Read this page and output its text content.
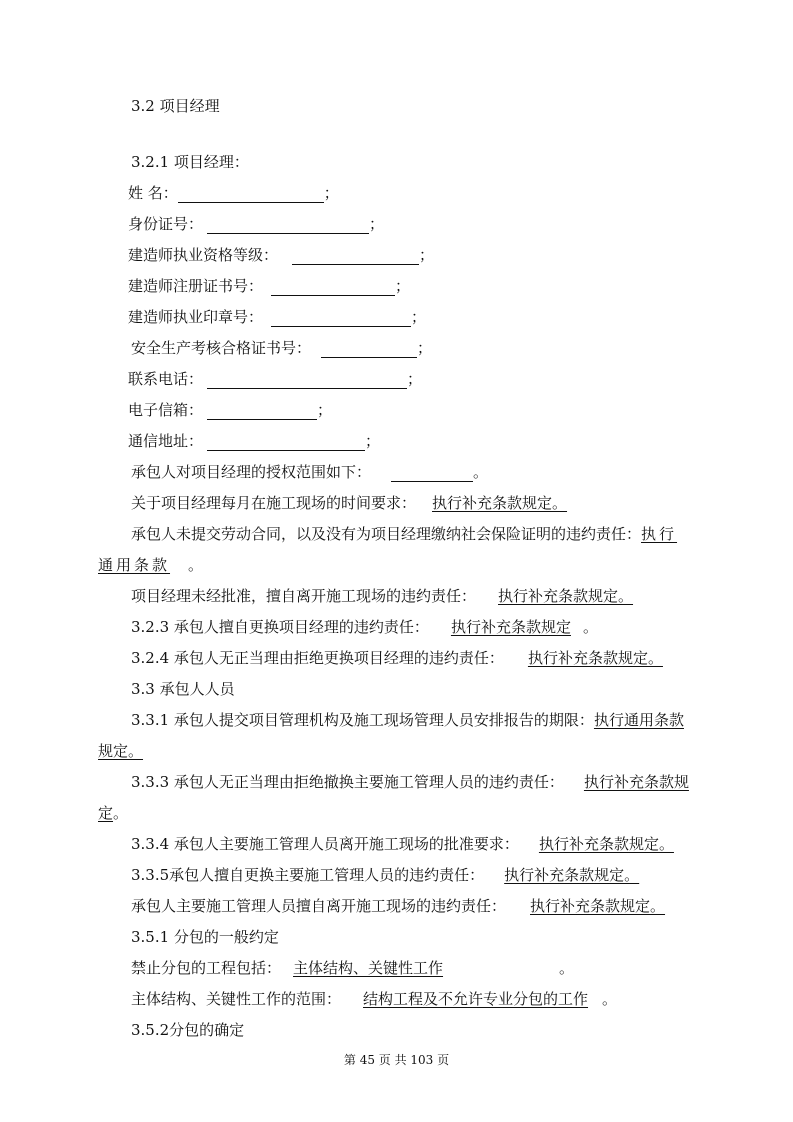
3.2 项目经理
3.2.1 项目经理：
姓 名：	；
身份证号：	；
建造师执业资格等级：	；
建造师注册证书号：	；
建造师执业印章号：	；
安全生产考核合格证书号：	；
联系电话：	；
电子信箱：	；
通信地址：	；
承包人对项目经理的授权范围如下：	。
关于项目经理每月在施工现场的时间要求： 执行补充条款规定。
承包人未提交劳动合同，以及没有为项目经理缴纳社会保险证明的违约责任：执行
通用条款 。
项目经理未经批准，擅自离开施工现场的违约责任： 执行补充条款规定。
3.2.3 承包人擅自更换项目经理的违约责任： 执行补充条款规定 。
3.2.4 承包人无正当理由拒绝更换项目经理的违约责任： 执行补充条款规定。
3.3 承包人人员
3.3.1 承包人提交项目管理机构及施工现场管理人员安排报告的期限：执行通用条款
规定。
3.3.3 承包人无正当理由拒绝撤换主要施工管理人员的违约责任： 执行补充条款规
定。
3.3.4 承包人主要施工管理人员离开施工现场的批准要求： 执行补充条款规定。
3.3.5承包人擅自更换主要施工管理人员的违约责任： 执行补充条款规定。
承包人主要施工管理人员擅自离开施工现场的违约责任： 执行补充条款规定。
3.5.1 分包的一般约定
禁止分包的工程包括： 主体结构、关键性工作	。
主体结构、关键性工作的范围： 结构工程及不允许专业分包的工作 。
3.5.2分包的确定
第 45 页 共 103 页
